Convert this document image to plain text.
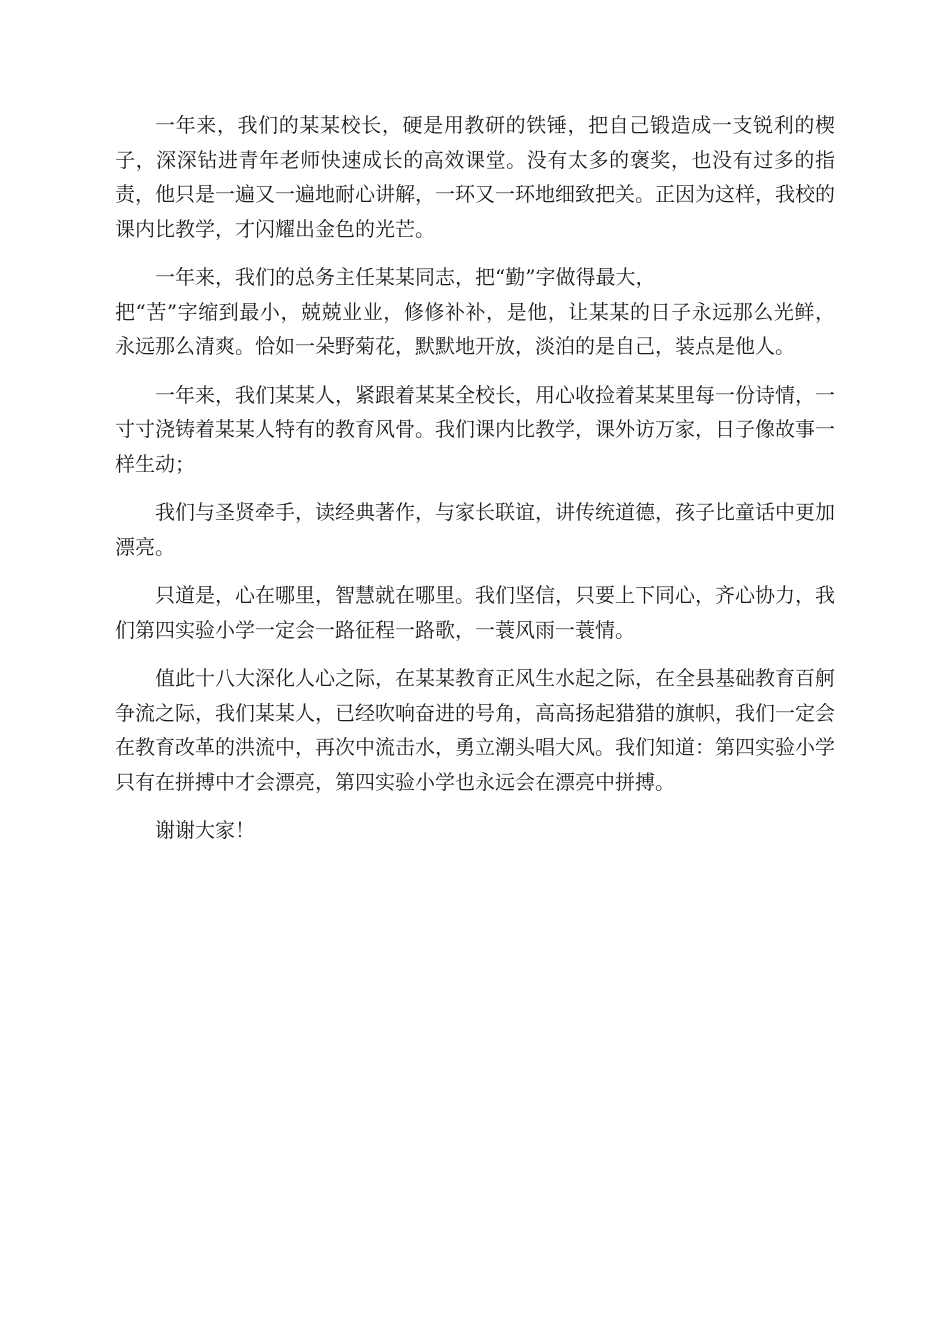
一年来，我们的某某校长，硬是用教研的铁锤，把自己锻造成一支锐利的楔子，深深钻进青年老师快速成长的高效课堂。没有太多的褒奖，也没有过多的指责，他只是一遍又一遍地耐心讲解，一环又一环地细致把关。正因为这样，我校的课内比教学，才闪耀出金色的光芒。

一年来，我们的总务主任某某同志，把“勤”字做得最大，

把“苦”字缩到最小，兢兢业业，修修补补，是他，让某某的日子永远那么光鲜，永远那么清爽。恰如一朵野菊花，默默地开放，淡泊的是自己，装点是他人。

一年来，我们某某人，紧跟着某某全校长，用心收捡着某某里每一份诗情，一寸寸浇铸着某某人特有的教育风骨。我们课内比教学，课外访万家，日子像故事一样生动；

我们与圣贤牵手，读经典著作，与家长联谊，讲传统道德，孩子比童话中更加漂亮。

只道是，心在哪里，智慧就在哪里。我们坚信，只要上下同心，齐心协力，我们第四实验小学一定会一路征程一路歌，一蓑风雨一蓑情。

值此十八大深化人心之际，在某某教育正风生水起之际，在全县基础教育百舸争流之际，我们某某人，已经吹响奋进的号角，高高扬起猎猎的旗帜，我们一定会在教育改革的洪流中，再次中流击水，勇立潮头唱大风。我们知道：第四实验小学只有在拼搏中才会漂亮，第四实验小学也永远会在漂亮中拼搏。

谢谢大家！
